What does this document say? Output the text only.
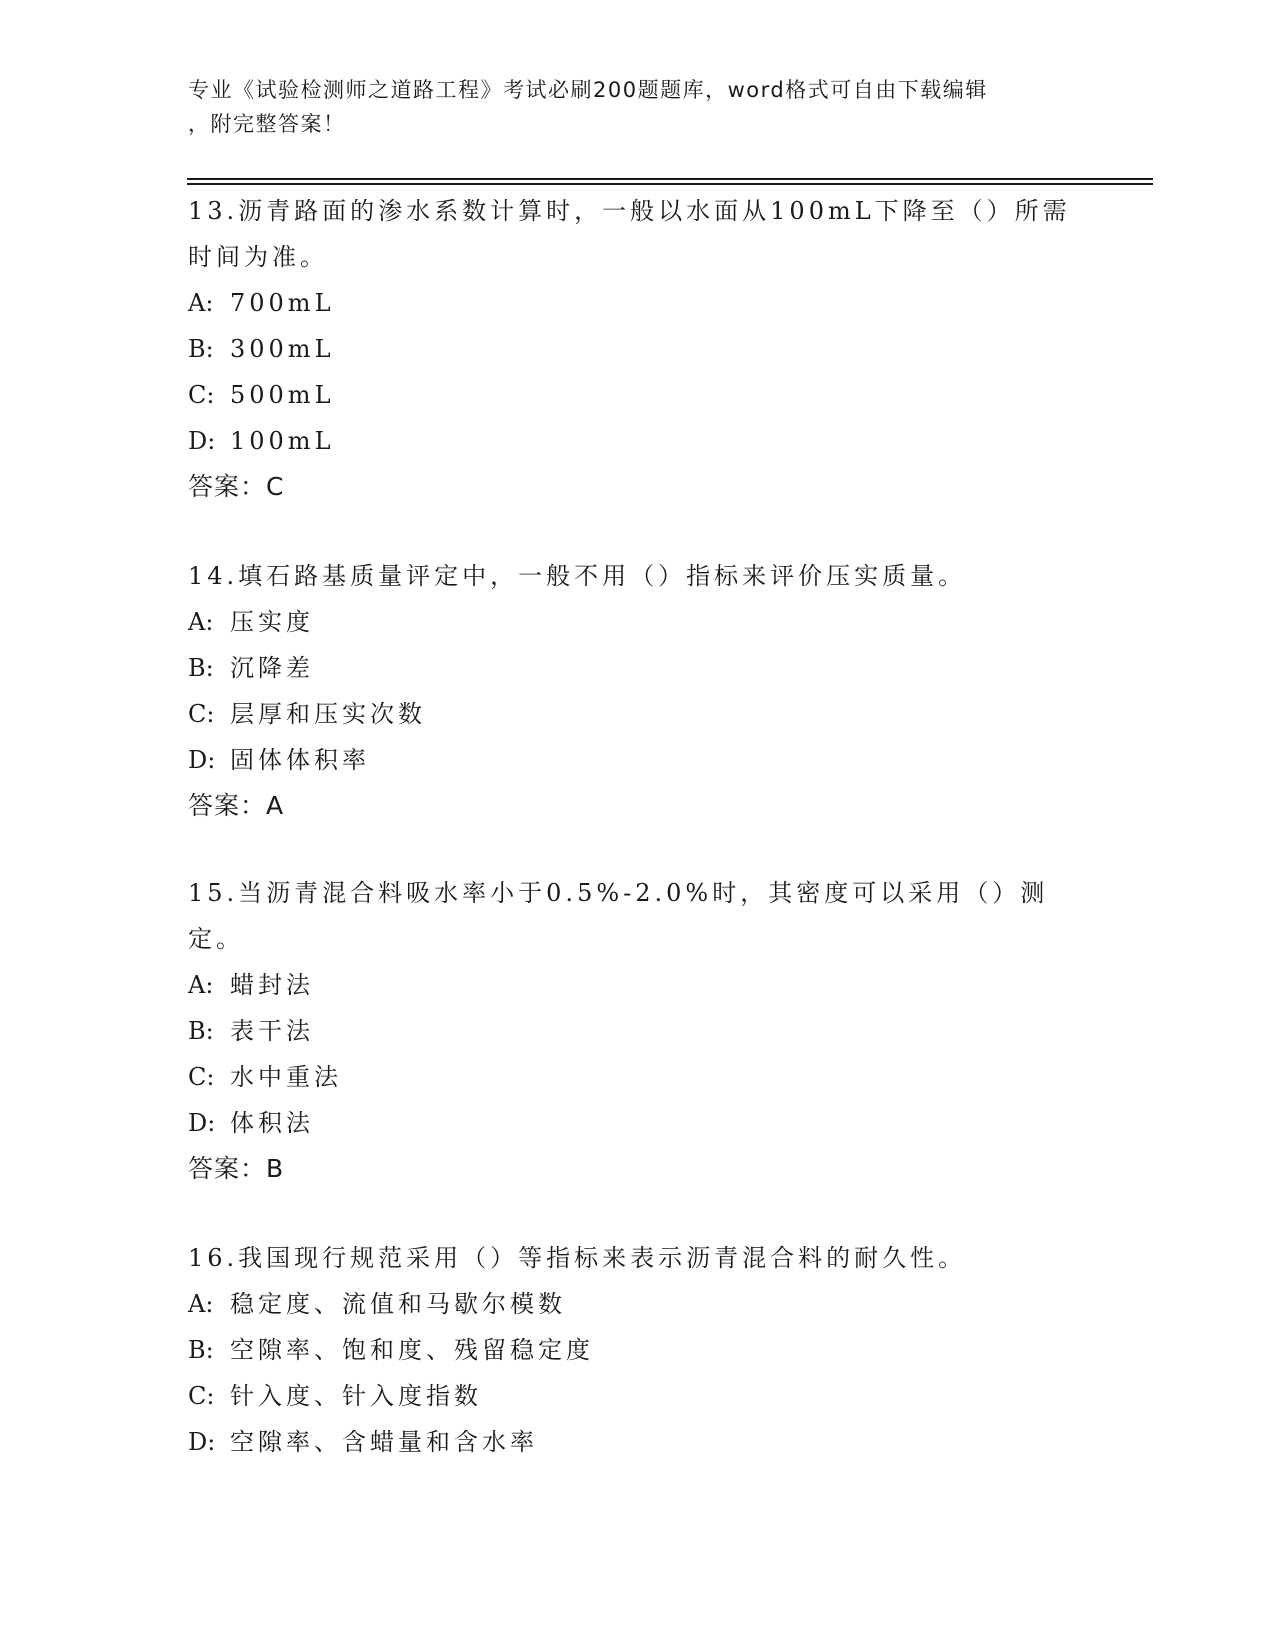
专业《试验检测师之道路工程》考试必刷200题题库，word格式可自由下载编辑
，附完整答案！
13.沥青路面的渗水系数计算时，一般以水面从100mL下降至（）所需
时间为准。
A: 700mL
B: 300mL
C: 500mL
D: 100mL
答案：C
14.填石路基质量评定中，一般不用（）指标来评价压实质量。
A: 压实度
B: 沉降差
C: 层厚和压实次数
D: 固体体积率
答案：A
15.当沥青混合料吸水率小于0.5%-2.0%时，其密度可以采用（）测
定。
A: 蜡封法
B: 表干法
C: 水中重法
D: 体积法
答案：B
16.我国现行规范采用（）等指标来表示沥青混合料的耐久性。
A: 稳定度、流值和马歇尔模数
B: 空隙率、饱和度、残留稳定度
C: 针入度、针入度指数
D: 空隙率、含蜡量和含水率
